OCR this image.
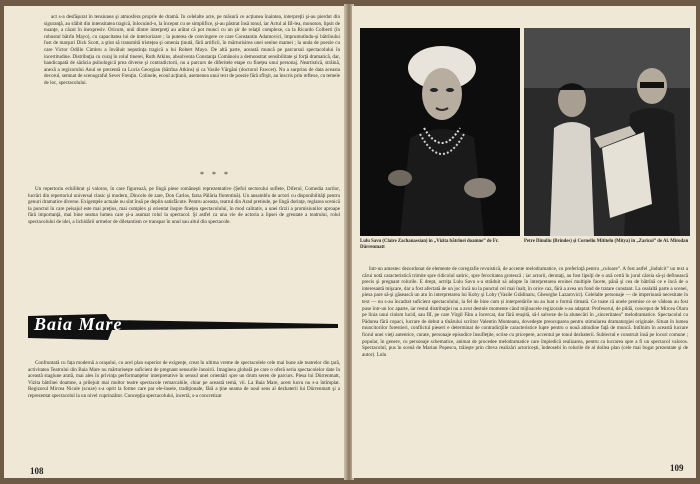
act s-a desfăşurat în tensiunea şi atmosfera proprie de dramă. În celelalte acte, pe măsură ce acțiunea înaintea, interpreţii şi-au pierdut din siguranţă, au slăbit din intensitatea tragică, înlocuind-o, la început cu se simplifice, şi-au păstrat însă tonul, iar Actul al III-lea, monoton, lipsit de nuanţe, a căzut în inexpresiv. Oricum, unii dintre interpreţi au arătat că pot munci cu un şir de relaţii complexe, ca la Ricardo Colberti (în robustul bătrîn Mayo), cu capacitatea lui de interiorizare ; la puterea de convingere ce care Constantin Adamovici, împrumutîndu-şi bătrînului fost de marşuri Dick Scott, a ştiut să transmită tristeţea şi omenia ţinută, fără artificii, în mărturisirea unei senine mamei ; la unda de poezie cu care Victor Odillo Cimbru a învăluit neputinţa tragică a lui Robert Mayo. De altă parte, această muncă pe parcursul spectacolului în incertitudine. Distribuţia cu curaj în rolul tinerei, Ruth Atkins, absolventa Constanţa Comănoiu a demonstrat sensibilitate şi forţă dramatică, dar, handicapată de sărăcia psihologică prea diverse şi contradictorii, nu a parcurs de diferitele etape cu fineţea unui personaj. Neartistică, străină, anexă a regizorului Anul se prezentă ca Lucia Georgian (bătrîna Atkins) și ca Vasile Vărgăni (doctorul Fawcet). Nu a surprins de data aceasta decorul, semnat de scenograful Sever Frenţiu. Colinele, ecoul acţiunii, asemenea unui text de poezie fără sfîrşit, au înscris prin reflexe, cu temele de loc, spectacolului.

* * *

Un repertoriu echilibrat şi valoros, în care figurează, pe lîngă piese româneşti reprezentative (Şeful sectorului suflete, Diferul, Comedia zorilor, lucrări din repertoriul universal clasic şi modern, Dincolo de zare, Don Carlos, farsa Pălăria florentină). Un ansamblu de actori cu disponibilităţi pentru genuri dramatice diverse. Exigenţele actuale nu sînt însă pe deplin satisfăcute. Pentru aceasta, teatrul din Arad pretinde, pe lîngă dorinţe, reglarea scenică la punctul în care peisajul este mai preţios, mai complex şi orientat înspre fineţea spectacolului, în mod calitativ, a unei tîrzii a promisiunilor aproape fără importanţă, mai bine seama lumea care şi-a asumat rolul la spectacol. Şi astfel ca una vie de actoria a lipsei de greutate a teatrului, rolul spectacolului de idei, a lichidării urmelor de diletantism ce transpar în unul sau altul din spectacole.

Baia Mare

Confruntată cu fața modernă a oraşului, cu acel plan superior de exigenţe, creat în ultima vreme de spectacolele cele mai bune ale teatrelor din ţară, activitatea Teatrului din Baia Mare nu mărturiseşte suficient de pregnant sensurile înnoirii. Imaginea globală pe care o oferă seria spectacolelor date în această stagiune arată, mai ales în privinţa performanţelor interpretative în sensul unei orientări spre un drum seren de parcurs. Piesa lui Dürrenmatt, Vizita bătrînei doamne, a prilejuit mai multor teatre spectacole remarcabile, chiar pe această temă, vii. La Baia Mare, acest lucru nu s-a întîmplat. Regizorul Mircea Nicule (scuze) s-a oprit la forme care par ele-însele, tradiţionale, fără a ţine seama de noul sens al dezbaterii lui Dürrenmatt şi a reprezentat spectacolul la un nivel cuprinzător. Concepţia spectacolului, incertă, s-a concretizat

108
Lulu Savu (Claire Zachanassian) în „Vizita bătrînei doamne” de Fr. Dürrenmatt
Petre Dinuliu (Brindes) şi Corneliu Mititelu (Mitya) în „Zaricoi” de Al. Mirodan

într-un amestec dezordonat de elemente de coregrafie revuistică, de accente melodramatice, cu preferinţă pentru „culoare”. A fost astfel „îndulcit” un text a cărui notă caracteristică trimite spre ridicolul satiric, spre ferocitatea grotescă ; iar actorii, derutaţi, au fost lipsiţi de o axă certă în jurul căreia să-şi definească precis şi pregnant rolurile. E drept, actriţa Lulu Savu s-a străduit să adopte în interpretarea eroinei multiple facete, până şi cea de bătrînă ce e încă de o interesantă mişcare, dar a fost afectată de un joc încă nu la punctul cel mai înalt, în orice caz, fără a avea un fond de tratare constant. La cealaltă parte a scenei, piesa pare să-şi găsească un atu în interpretarea lui Koby şi Loby (Vasile Grădinaru, Gheorghe Lazarovici). Celelalte personaje — de imperioasă necesitate în text — nu s-au încadrat suficient spectacolului, la fel de bine cum și interpretările nu au luat o formă ritmată. Ce toate că unele premise ce se vădeau au fost puse într-un loc aparte, iar restul distribuţiei nu a avut destule momente când mijloacele regizorale s-au adaptat: Profesorul, de pildă, conceput de Mircea Olaru pe linia unui cinism lucid, sau III, pe care Virgil Fătu a încercat, dar fără reuşită, să-l salveze de la alunecări în „sinceritatea” melodramatice. Spectacolul cu Pădurea fără copaci, lucrare de debut a tînărului scriitor Valentin Munteanu, dovedeşte preocuparea pentru stimularea dramaturgiei originale. Situat în lumea muncitorilor forestieri, conflictul pieseri e determinat de contradicţiile caracteristice lupte pentru o nouă atitudine faţă de muncă. Intîlnim în această lucrare fiorul unei vieţi autentice, curate, personaje episodice însufleţite, scrise cu pricepere, accentul pe tonul dezbaterii. Subiectul e construit însă pe locuri comune ; popular, în genere, cu personaje schematice, animat de procedee melodramatice care împiedică realizarea, pentru ca lucrarea spre a fi un spectacol valoros. Spectacolul, pus în scenă de Marian Popescu, trăieşte prin cîteva realizări actoriceşti, îndeosebi în rolurile de al doilea plan (cele mai bogat prezentate şi de autor). Lulu

109
